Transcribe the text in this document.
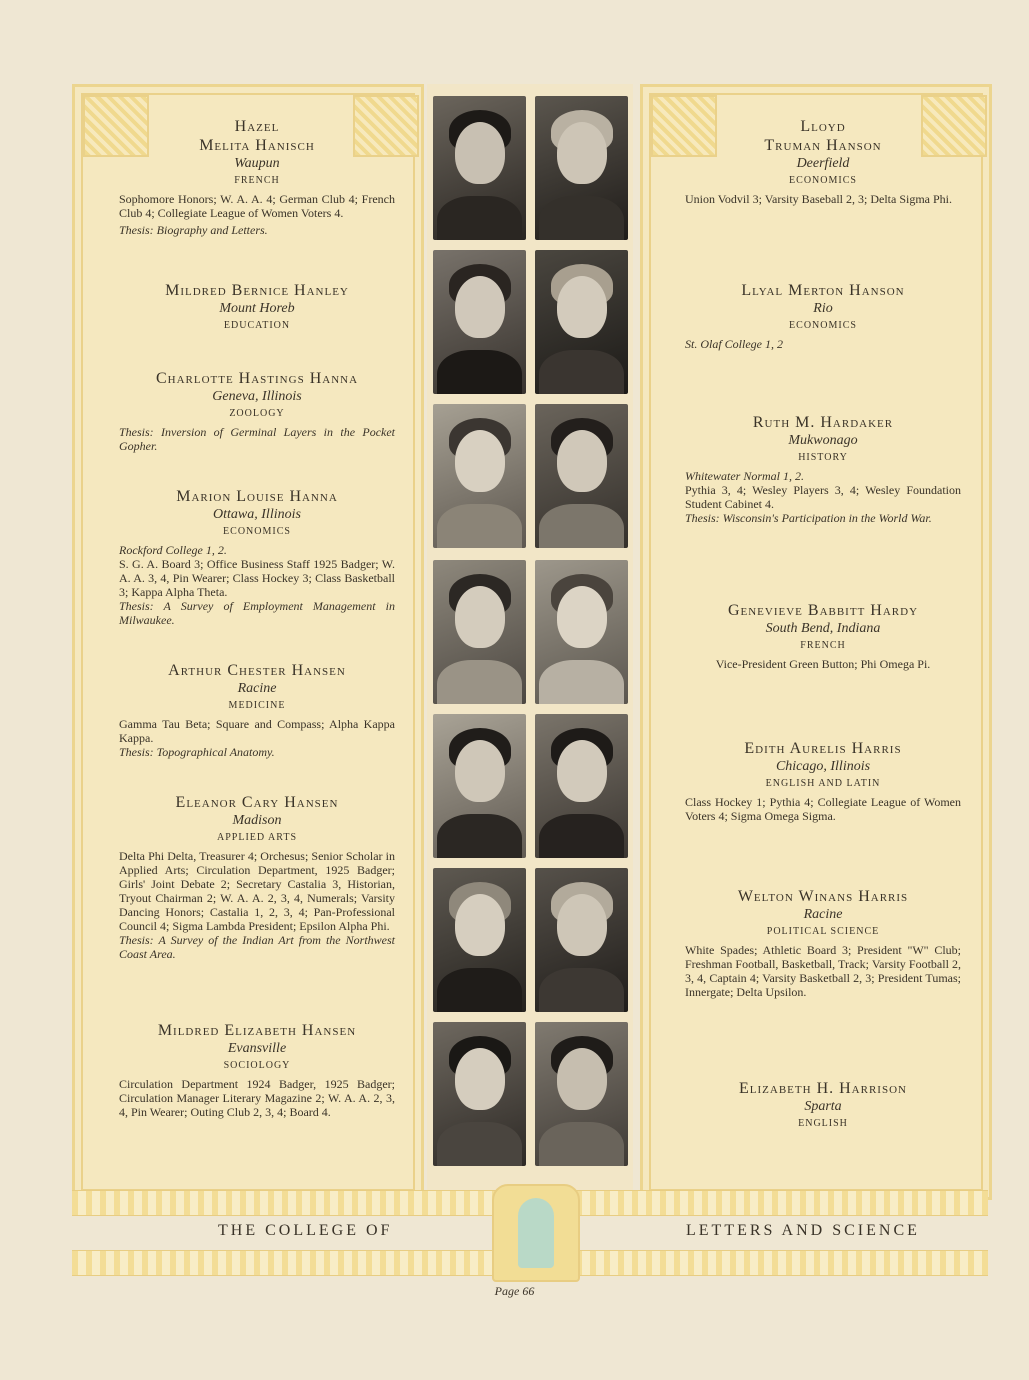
Hazel
Melita Hanisch
Waupun
FRENCH
Sophomore Honors; W. A. A. 4; German Club 4; French Club 4; Collegiate League of Women Voters 4.
Thesis: Biography and Letters.
Mildred Bernice Hanley
Mount Horeb
EDUCATION
Charlotte Hastings Hanna
Geneva, Illinois
ZOOLOGY
Thesis: Inversion of Germinal Layers in the Pocket Gopher.
Marion Louise Hanna
Ottawa, Illinois
ECONOMICS
Rockford College 1, 2.
S. G. A. Board 3; Office Business Staff 1925 Badger; W. A. A. 3, 4, Pin Wearer; Class Hockey 3; Class Basketball 3; Kappa Alpha Theta.
Thesis: A Survey of Employment Management in Milwaukee.
Arthur Chester Hansen
Racine
MEDICINE
Gamma Tau Beta; Square and Compass; Alpha Kappa Kappa.
Thesis: Topographical Anatomy.
Eleanor Cary Hansen
Madison
APPLIED ARTS
Delta Phi Delta, Treasurer 4; Orchesus; Senior Scholar in Applied Arts; Circulation Department, 1925 Badger; Girls' Joint Debate 2; Secretary Castalia 3, Historian, Tryout Chairman 2; W. A. A. 2, 3, 4, Numerals; Varsity Dancing Honors; Castalia 1, 2, 3, 4; Pan-Professional Council 4; Sigma Lambda President; Epsilon Alpha Phi.
Thesis: A Survey of the Indian Art from the Northwest Coast Area.
Mildred Elizabeth Hansen
Evansville
SOCIOLOGY
Circulation Department 1924 Badger, 1925 Badger; Circulation Manager Literary Magazine 2; W. A. A. 2, 3, 4, Pin Wearer; Outing Club 2, 3, 4; Board 4.
Lloyd
Truman Hanson
Deerfield
ECONOMICS
Union Vodvil 3; Varsity Baseball 2, 3; Delta Sigma Phi.
Llyal Merton Hanson
Rio
ECONOMICS
St. Olaf College 1, 2
Ruth M. Hardaker
Mukwonago
HISTORY
Whitewater Normal 1, 2.
Pythia 3, 4; Wesley Players 3, 4; Wesley Foundation Student Cabinet 4.
Thesis: Wisconsin's Participation in the World War.
Genevieve Babbitt Hardy
South Bend, Indiana
FRENCH
Vice-President Green Button; Phi Omega Pi.
Edith Aurelis Harris
Chicago, Illinois
ENGLISH AND LATIN
Class Hockey 1; Pythia 4; Collegiate League of Women Voters 4; Sigma Omega Sigma.
Welton Winans Harris
Racine
POLITICAL SCIENCE
White Spades; Athletic Board 3; President "W" Club; Freshman Football, Basketball, Track; Varsity Football 2, 3, 4, Captain 4; Varsity Basketball 2, 3; President Tumas; Innergate; Delta Upsilon.
Elizabeth H. Harrison
Sparta
ENGLISH
THE COLLEGE OF	LETTERS AND SCIENCE
Page 66
